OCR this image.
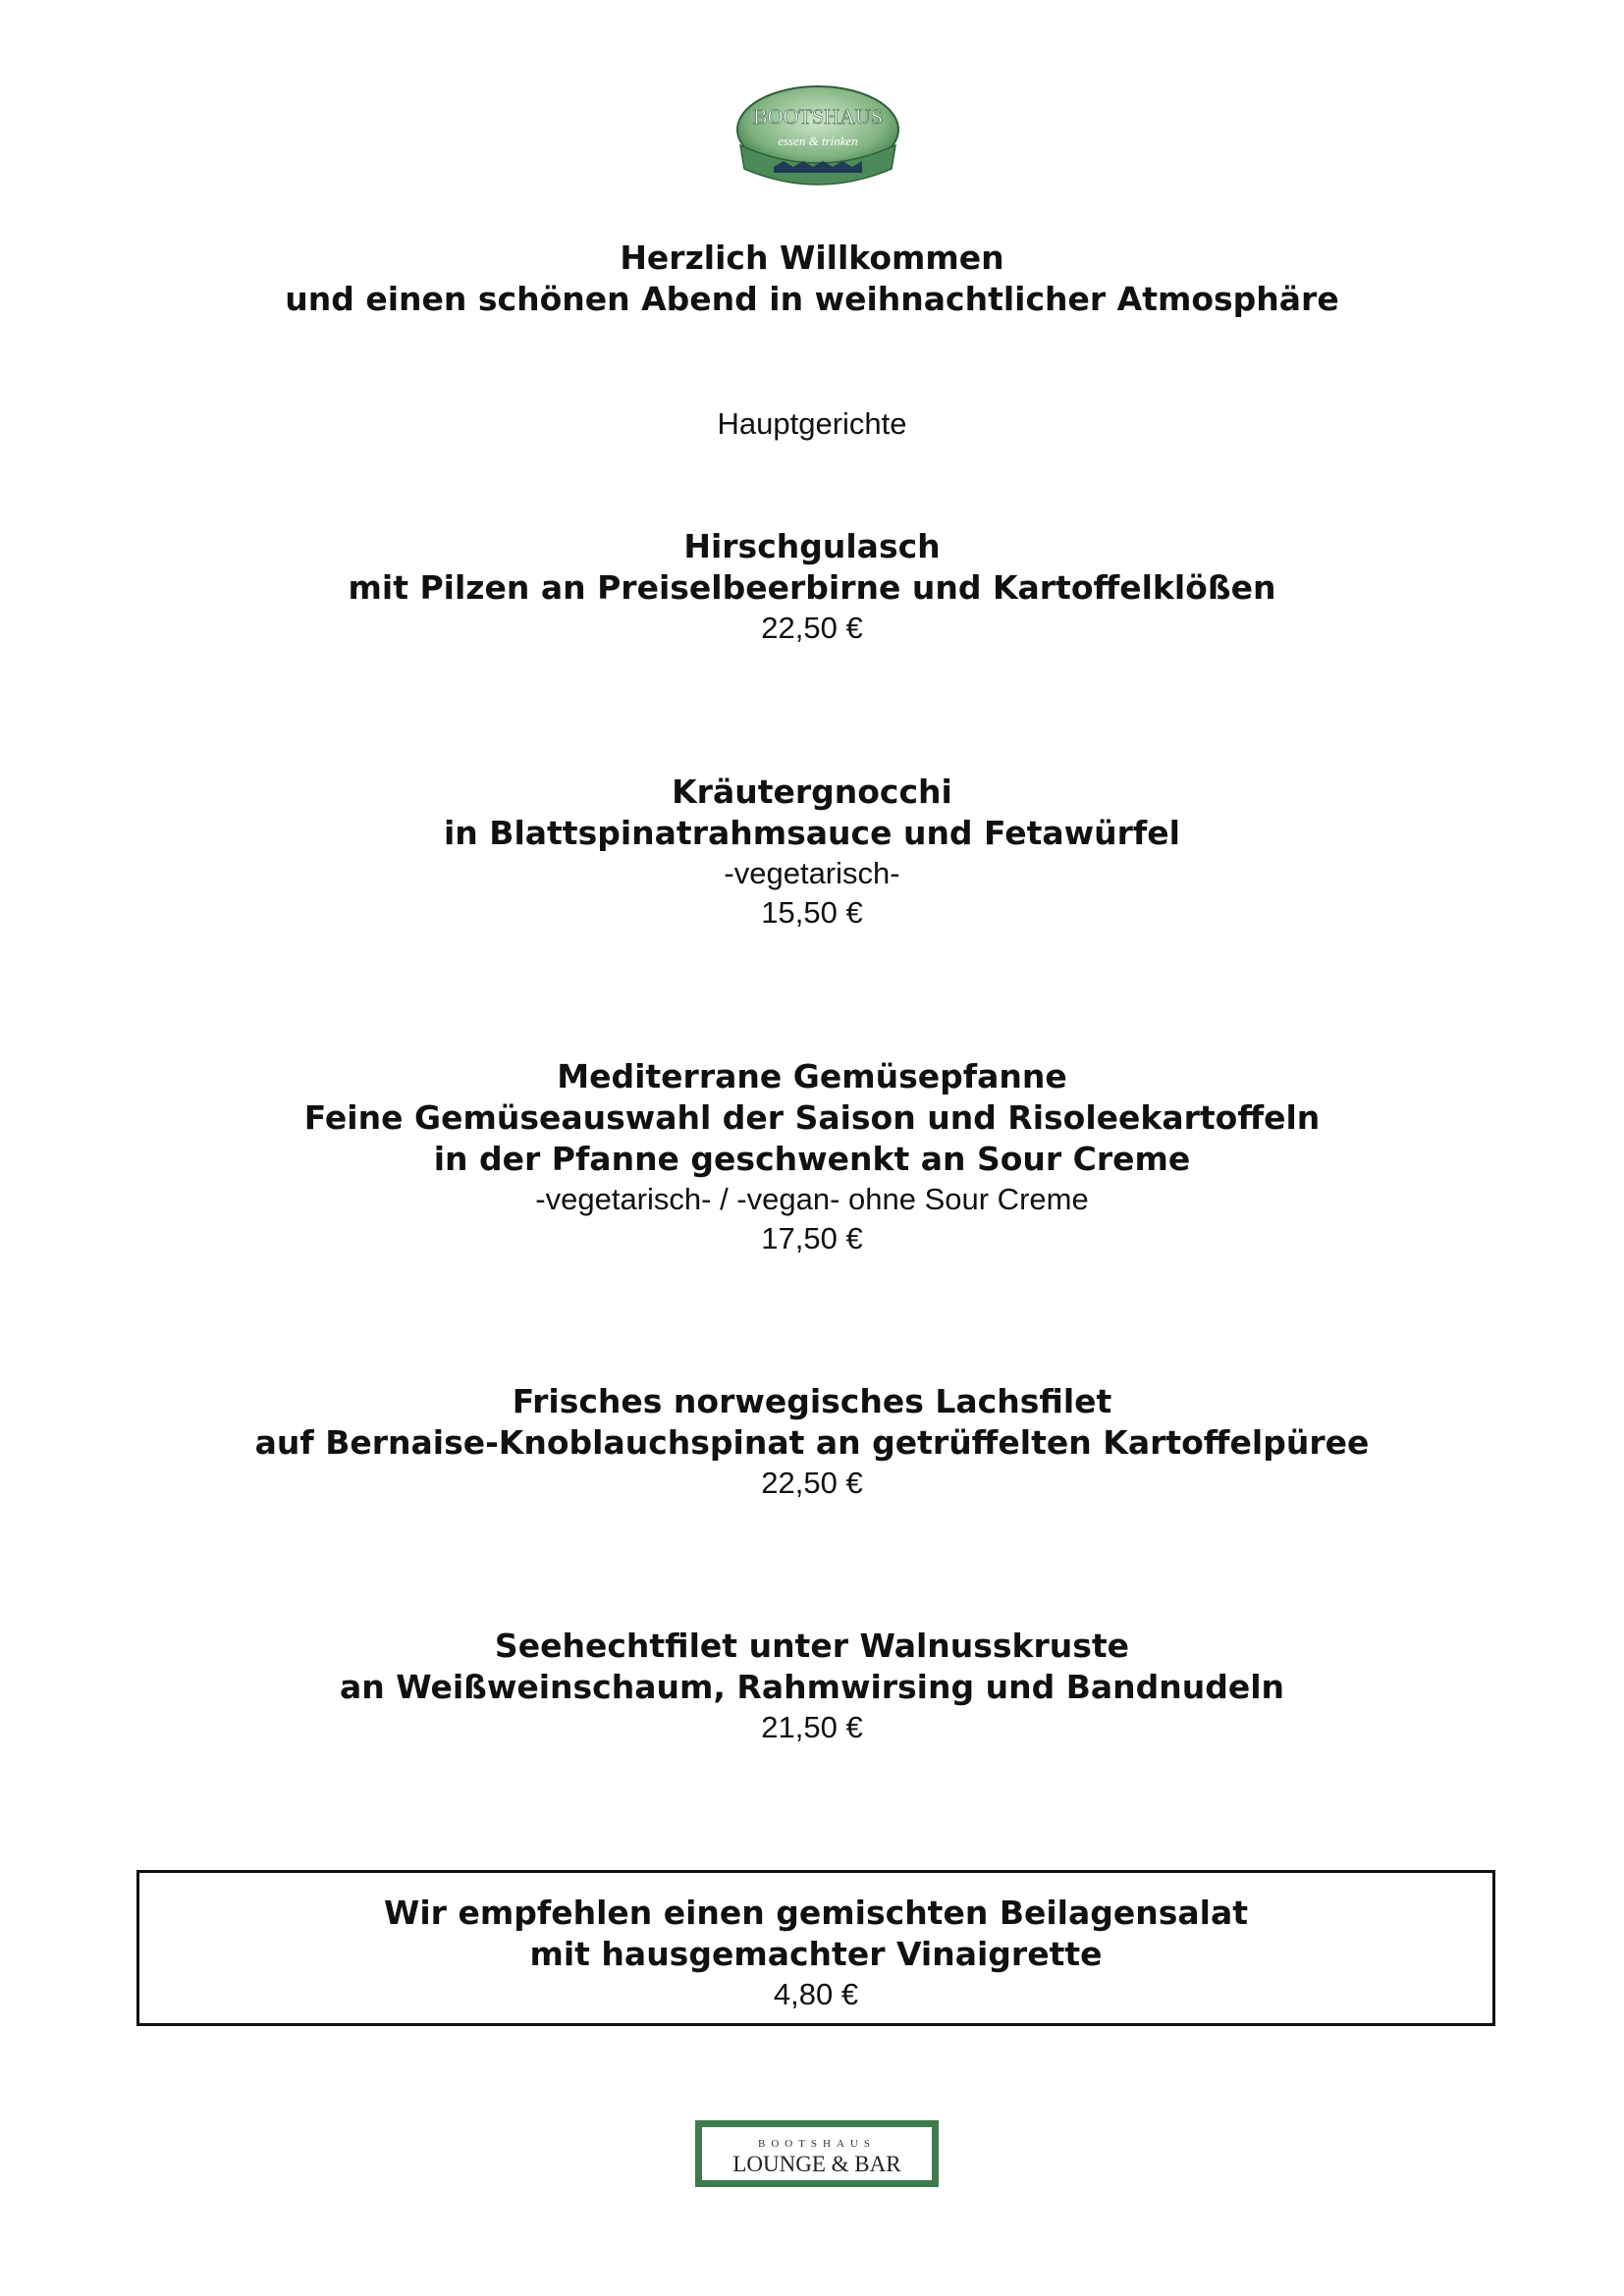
BOOTSHAUS
essen & trinken
Herzlich Willkommen
und einen schönen Abend in weihnachtlicher Atmosphäre
Hauptgerichte
Hirschgulasch
mit Pilzen an Preiselbeerbirne und Kartoffelklößen
22,50 €
Kräutergnocchi
in Blattspinatrahmsauce und Fetawürfel
-vegetarisch-
15,50 €
Mediterrane Gemüsepfanne
Feine Gemüseauswahl der Saison und Risoleekartoffeln
in der Pfanne geschwenkt an Sour Creme
-vegetarisch- / -vegan- ohne Sour Creme
17,50 €
Frisches norwegisches Lachsfilet
auf Bernaise-Knoblauchspinat an getrüffelten Kartoffelpüree
22,50 €
Seehechtfilet unter Walnusskruste
an Weißweinschaum, Rahmwirsing und Bandnudeln
21,50 €
Wir empfehlen einen gemischten Beilagensalat
mit hausgemachter Vinaigrette
4,80 €
BOOTSHAUS
LOUNGE & BAR
